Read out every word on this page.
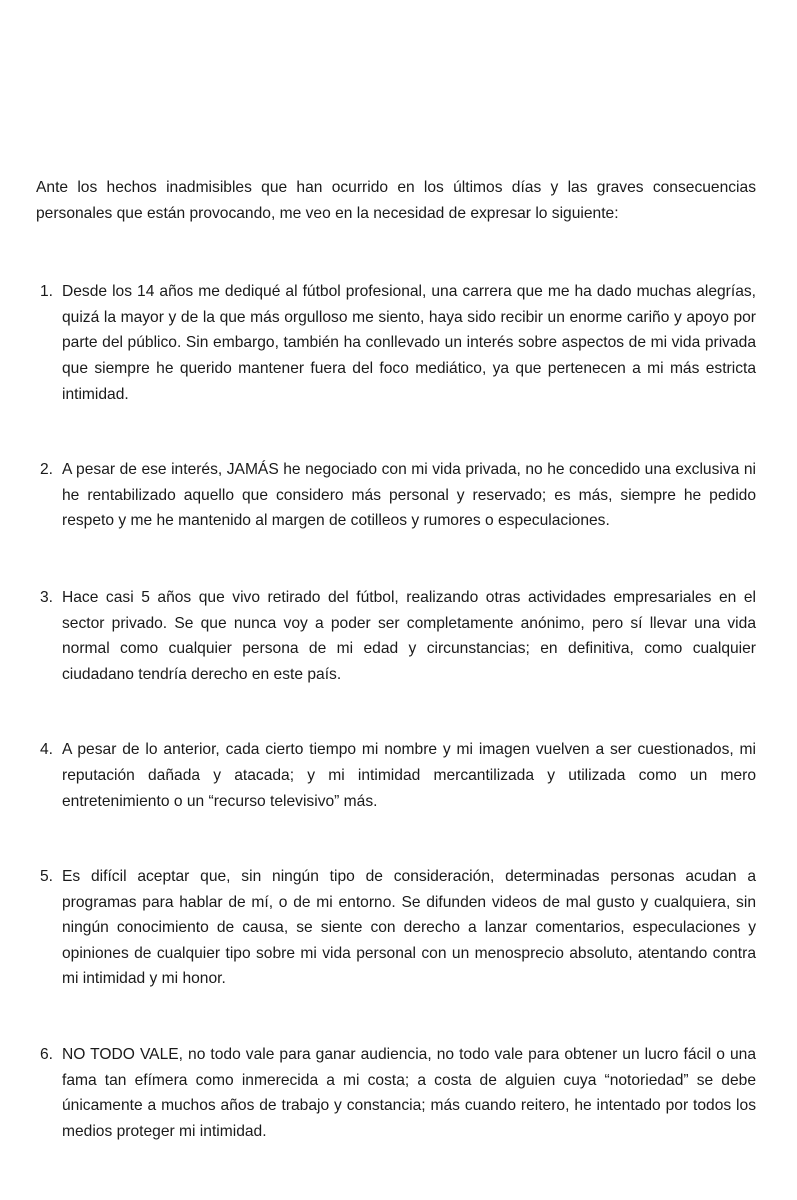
Ante los hechos inadmisibles que han ocurrido en los últimos días y las graves consecuencias personales que están provocando, me veo en la necesidad de expresar lo siguiente:

1. Desde los 14 años me dediqué al fútbol profesional, una carrera que me ha dado muchas alegrías, quizá la mayor y de la que más orgulloso me siento, haya sido recibir un enorme cariño y apoyo por parte del público. Sin embargo, también ha conllevado un interés sobre aspectos de mi vida privada que siempre he querido mantener fuera del foco mediático, ya que pertenecen a mi más estricta intimidad.
2. A pesar de ese interés, JAMÁS he negociado con mi vida privada, no he concedido una exclusiva ni he rentabilizado aquello que considero más personal y reservado; es más, siempre he pedido respeto y me he mantenido al margen de cotilleos y rumores o especulaciones.
3. Hace casi 5 años que vivo retirado del fútbol, realizando otras actividades empresariales en el sector privado. Se que nunca voy a poder ser completamente anónimo, pero sí llevar una vida normal como cualquier persona de mi edad y circunstancias; en definitiva, como cualquier ciudadano tendría derecho en este país.
4. A pesar de lo anterior, cada cierto tiempo mi nombre y mi imagen vuelven a ser cuestionados, mi reputación dañada y atacada; y mi intimidad mercantilizada y utilizada como un mero entretenimiento o un “recurso televisivo” más.
5. Es difícil aceptar que, sin ningún tipo de consideración, determinadas personas acudan a programas para hablar de mí, o de mi entorno. Se difunden videos de mal gusto y cualquiera, sin ningún conocimiento de causa, se siente con derecho a lanzar comentarios, especulaciones y opiniones de cualquier tipo sobre mi vida personal con un menosprecio absoluto, atentando contra mi intimidad y mi honor.
6. NO TODO VALE, no todo vale para ganar audiencia, no todo vale para obtener un lucro fácil o una fama tan efímera como inmerecida a mi costa; a costa de alguien cuya “notoriedad” se debe únicamente a muchos años de trabajo y constancia; más cuando reitero, he intentado por todos los medios proteger mi intimidad.
